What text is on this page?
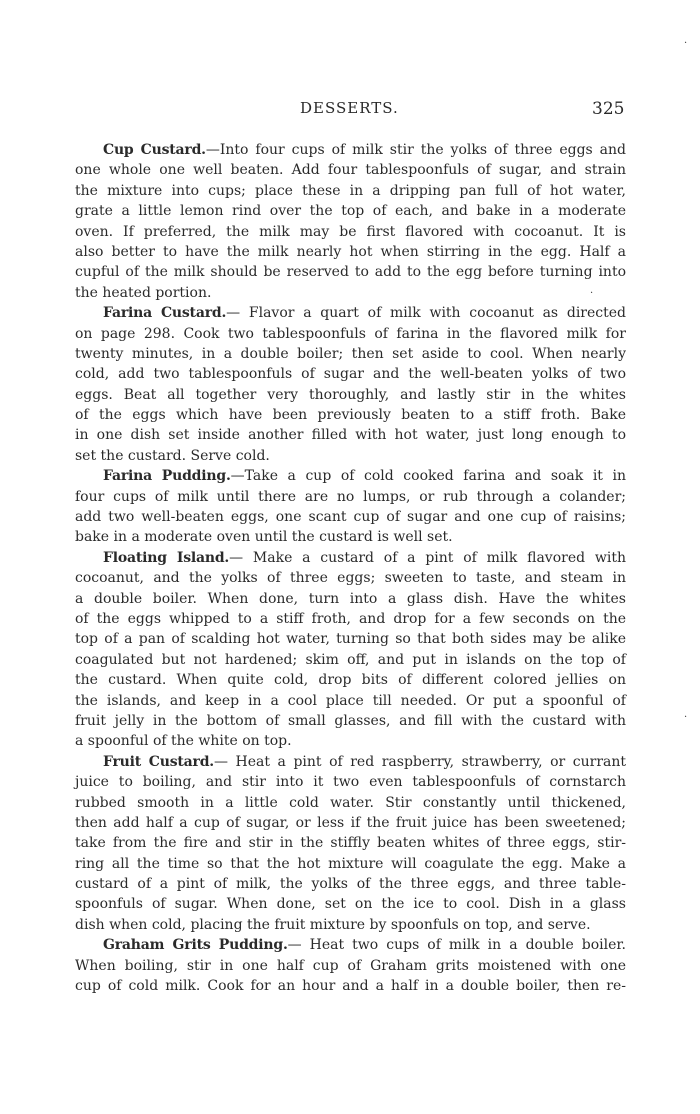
DESSERTS.	325
Cup Custard.—Into four cups of milk stir the yolks of three eggs and
one whole one well beaten. Add four tablespoonfuls of sugar, and strain
the mixture into cups; place these in a dripping pan full of hot water,
grate a little lemon rind over the top of each, and bake in a moderate
oven. If preferred, the milk may be first flavored with cocoanut. It is
also better to have the milk nearly hot when stirring in the egg. Half a
cupful of the milk should be reserved to add to the egg before turning into
the heated portion.
Farina Custard.— Flavor a quart of milk with cocoanut as directed
on page 298. Cook two tablespoonfuls of farina in the flavored milk for
twenty minutes, in a double boiler; then set aside to cool. When nearly
cold, add two tablespoonfuls of sugar and the well-beaten yolks of two
eggs. Beat all together very thoroughly, and lastly stir in the whites
of the eggs which have been previously beaten to a stiff froth. Bake
in one dish set inside another filled with hot water, just long enough to
set the custard. Serve cold.
Farina Pudding.—Take a cup of cold cooked farina and soak it in
four cups of milk until there are no lumps, or rub through a colander;
add two well-beaten eggs, one scant cup of sugar and one cup of raisins;
bake in a moderate oven until the custard is well set.
Floating Island.— Make a custard of a pint of milk flavored with
cocoanut, and the yolks of three eggs; sweeten to taste, and steam in
a double boiler. When done, turn into a glass dish. Have the whites
of the eggs whipped to a stiff froth, and drop for a few seconds on the
top of a pan of scalding hot water, turning so that both sides may be alike
coagulated but not hardened; skim off, and put in islands on the top of
the custard. When quite cold, drop bits of different colored jellies on
the islands, and keep in a cool place till needed. Or put a spoonful of
fruit jelly in the bottom of small glasses, and fill with the custard with
a spoonful of the white on top.
Fruit Custard.— Heat a pint of red raspberry, strawberry, or currant
juice to boiling, and stir into it two even tablespoonfuls of cornstarch
rubbed smooth in a little cold water. Stir constantly until thickened,
then add half a cup of sugar, or less if the fruit juice has been sweetened;
take from the fire and stir in the stiffly beaten whites of three eggs, stir-
ring all the time so that the hot mixture will coagulate the egg. Make a
custard of a pint of milk, the yolks of the three eggs, and three table-
spoonfuls of sugar. When done, set on the ice to cool. Dish in a glass
dish when cold, placing the fruit mixture by spoonfuls on top, and serve.
Graham Grits Pudding.— Heat two cups of milk in a double boiler.
When boiling, stir in one half cup of Graham grits moistened with one
cup of cold milk. Cook for an hour and a half in a double boiler, then re-
·
·
·
